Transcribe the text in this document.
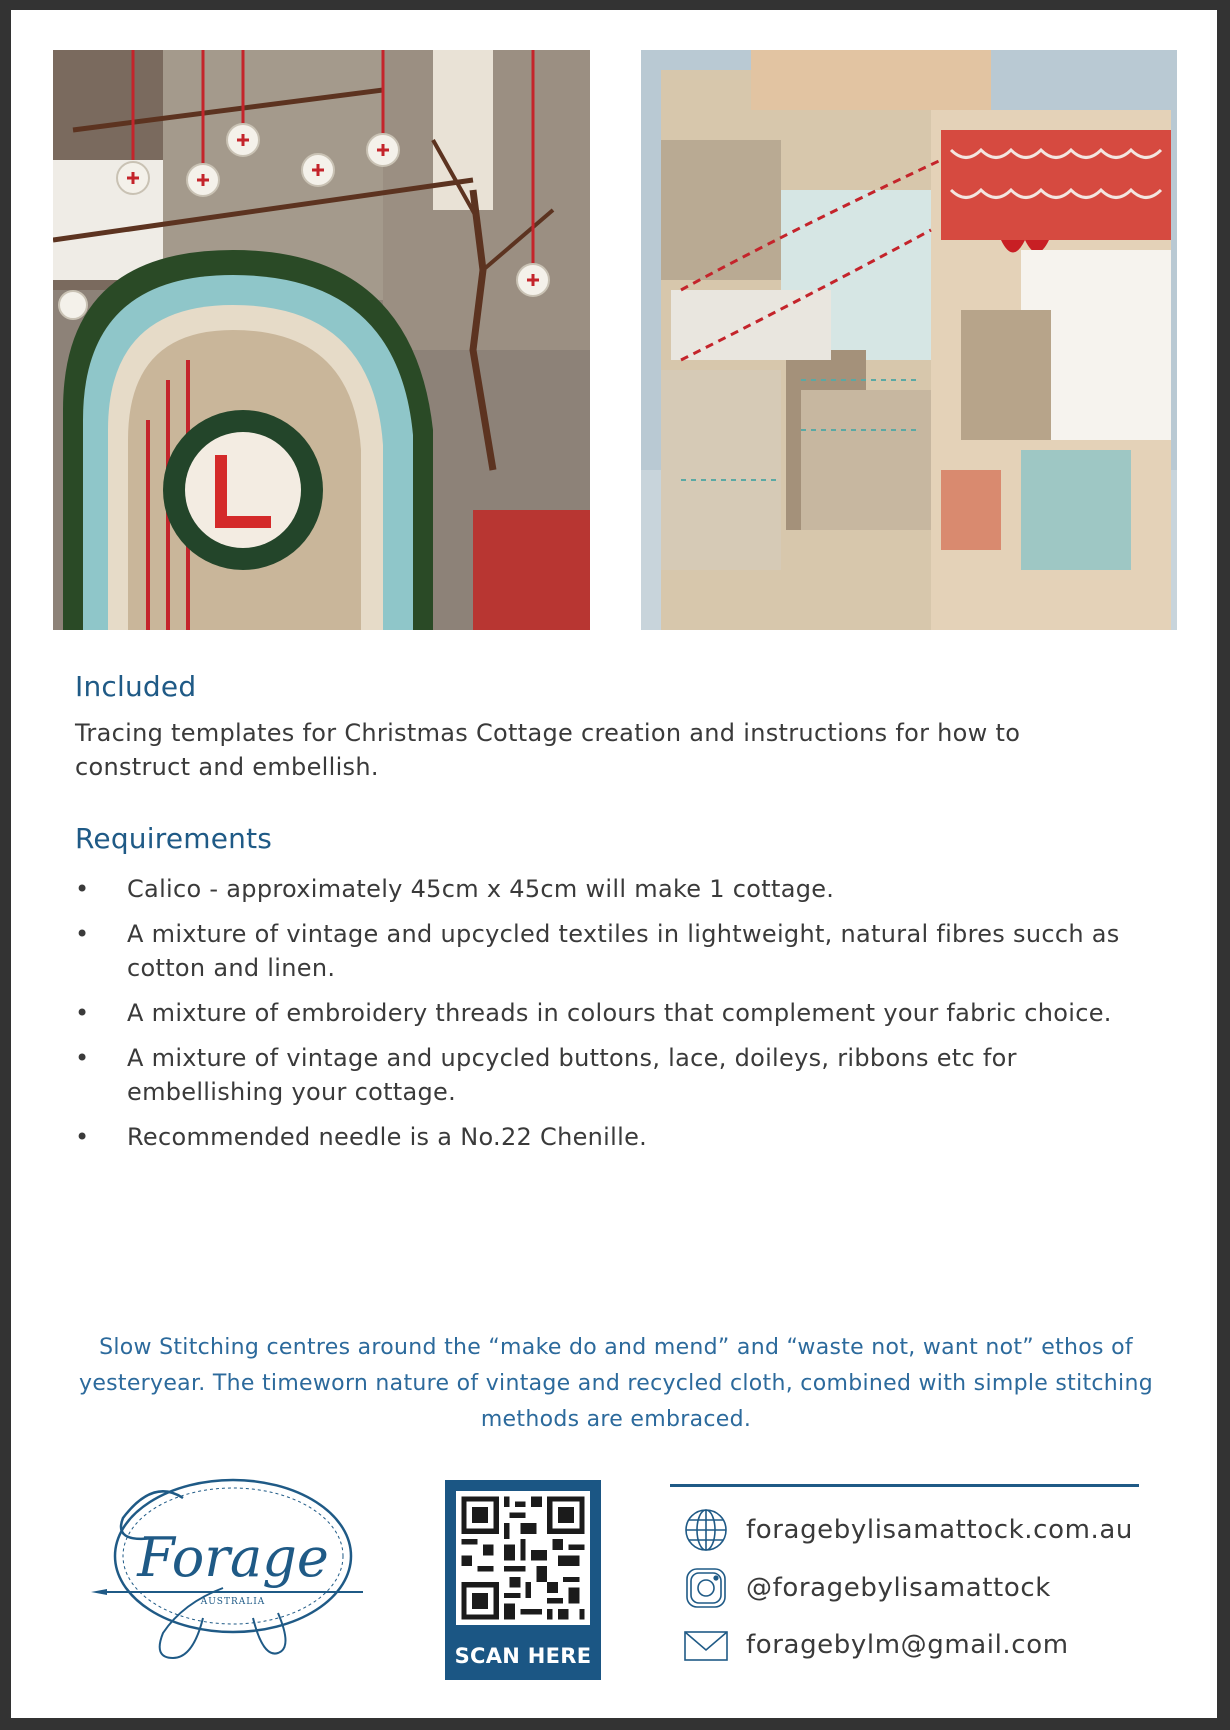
Included

Tracing templates for Christmas Cottage creation and instructions for how to construct and embellish.

Requirements
• Calico - approximately 45cm x 45cm will make 1 cottage.
• A mixture of vintage and upcycled textiles in lightweight, natural fibres succh as cotton and linen.
• A mixture of embroidery threads in colours that complement your fabric choice.
• A mixture of vintage and upcycled buttons, lace, doileys, ribbons etc for embellishing your cottage.
• Recommended needle is a No.22 Chenille.

Slow Stitching centres around the “make do and mend” and “waste not, want not” ethos of yesteryear. The timeworn nature of vintage and recycled cloth, combined with simple stitching methods are embraced.

Forage
AUSTRALIA
SCAN HERE
foragebylisamattock.com.au
@foragebylisamattock
foragebylm@gmail.com
